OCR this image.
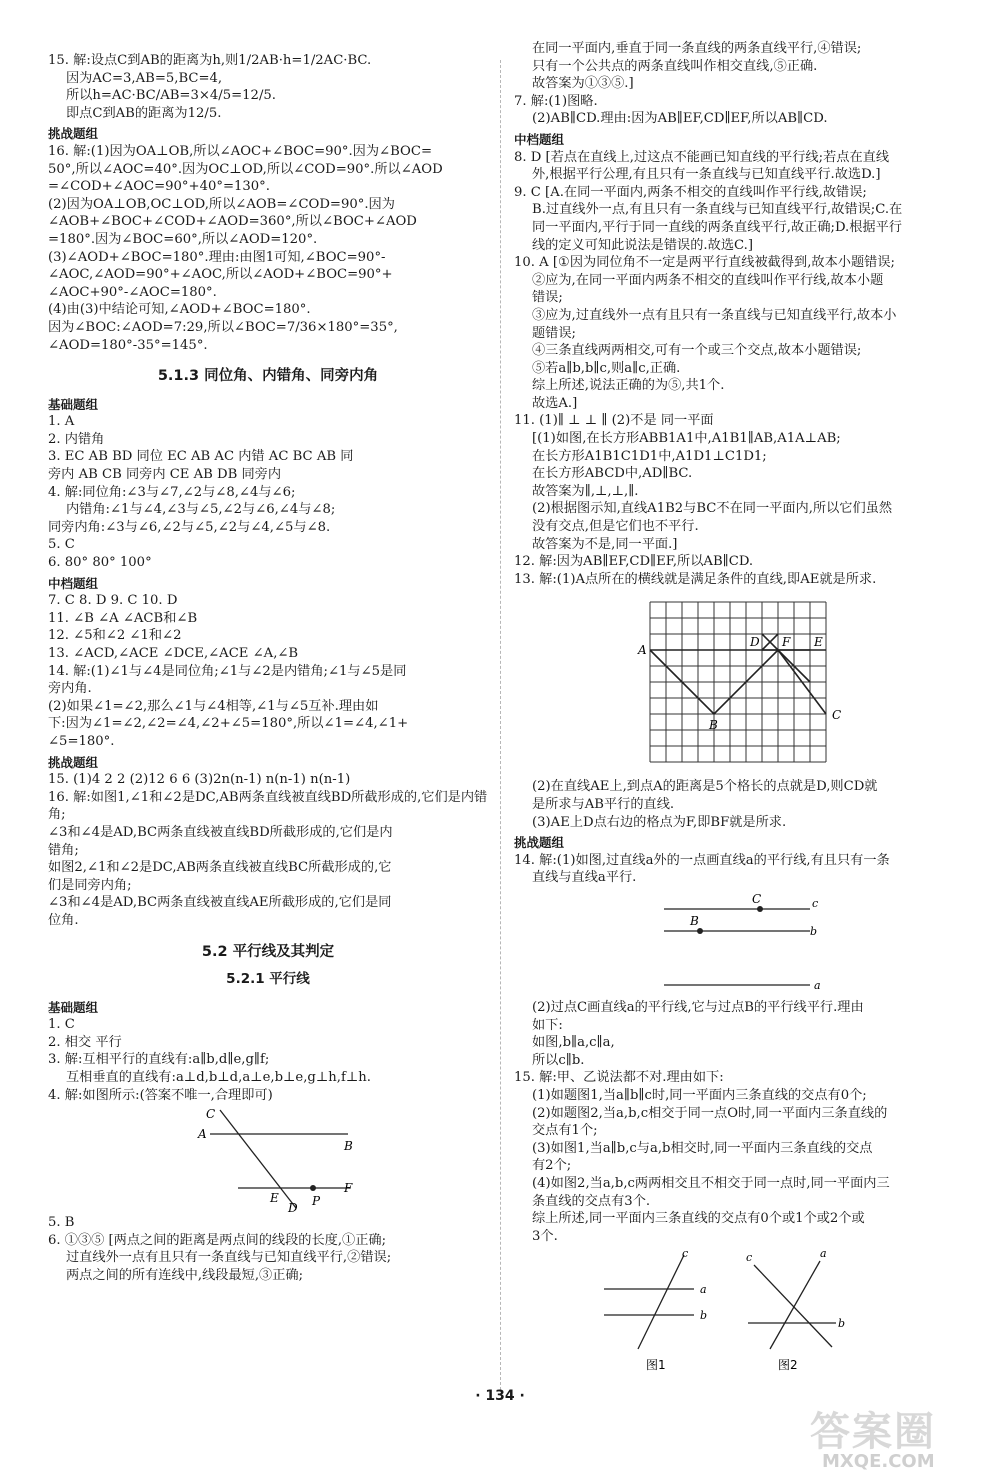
15. 解:设点C到AB的距离为h,则1/2AB·h=1/2AC·BC.
因为AC=3,AB=5,BC=4,
所以h=AC·BC/AB=3×4/5=12/5.
即点C到AB的距离为12/5.
挑战题组
16. 解:(1)因为OA⊥OB,所以∠AOC+∠BOC=90°.因为∠BOC=
50°,所以∠AOC=40°.因为OC⊥OD,所以∠COD=90°.所以∠AOD
=∠COD+∠AOC=90°+40°=130°.
(2)因为OA⊥OB,OC⊥OD,所以∠AOB=∠COD=90°.因为
∠AOB+∠BOC+∠COD+∠AOD=360°,所以∠BOC+∠AOD
=180°.因为∠BOC=60°,所以∠AOD=120°.
(3)∠AOD+∠BOC=180°.理由:由图1可知,∠BOC=90°-
∠AOC,∠AOD=90°+∠AOC,所以∠AOD+∠BOC=90°+
∠AOC+90°-∠AOC=180°.
(4)由(3)中结论可知,∠AOD+∠BOC=180°.
因为∠BOC:∠AOD=7:29,所以∠BOC=7/36×180°=35°,
∠AOD=180°-35°=145°.
5.1.3 同位角、内错角、同旁内角
基础题组
1. A
2. 内错角
3. EC AB BD 同位 EC AB AC 内错 AC BC AB 同
旁内 AB CB 同旁内 CE AB DB 同旁内
4. 解:同位角:∠3与∠7,∠2与∠8,∠4与∠6;
内错角:∠1与∠4,∠3与∠5,∠2与∠6,∠4与∠8;
同旁内角:∠3与∠6,∠2与∠5,∠2与∠4,∠5与∠8.
5. C
6. 80° 80° 100°
中档题组
7. C 8. D 9. C 10. D
11. ∠B ∠A ∠ACB和∠B
12. ∠5和∠2 ∠1和∠2
13. ∠ACD,∠ACE ∠DCE,∠ACE ∠A,∠B
14. 解:(1)∠1与∠4是同位角;∠1与∠2是内错角;∠1与∠5是同
旁内角.
(2)如果∠1=∠2,那么∠1与∠4相等,∠1与∠5互补.理由如
下:因为∠1=∠2,∠2=∠4,∠2+∠5=180°,所以∠1=∠4,∠1+
∠5=180°.
挑战题组
15. (1)4 2 2 (2)12 6 6 (3)2n(n-1) n(n-1) n(n-1)
16. 解:如图1,∠1和∠2是DC,AB两条直线被直线BD所截形成的,它们是内错角;
∠3和∠4是AD,BC两条直线被直线BD所截形成的,它们是内
错角;
如图2,∠1和∠2是DC,AB两条直线被直线BC所截形成的,它
们是同旁内角;
∠3和∠4是AD,BC两条直线被直线AE所截形成的,它们是同
位角.
5.2 平行线及其判定
5.2.1 平行线
基础题组
1. C
2. 相交 平行
3. 解:互相平行的直线有:a∥b,d∥e,g∥f;
互相垂直的直线有:a⊥d,b⊥d,a⊥e,b⊥e,g⊥h,f⊥h.
4. 解:如图所示:(答案不唯一,合理即可)
C
A
B
E
D P
F
5. B
6. ①③⑤ [两点之间的距离是两点间的线段的长度,①正确;
过直线外一点有且只有一条直线与已知直线平行,②错误;
两点之间的所有连线中,线段最短,③正确;
在同一平面内,垂直于同一条直线的两条直线平行,④错误;
只有一个公共点的两条直线叫作相交直线,⑤正确.
故答案为①③⑤.]
7. 解:(1)图略.
(2)AB∥CD.理由:因为AB∥EF,CD∥EF,所以AB∥CD.
中档题组
8. D [若点在直线上,过这点不能画已知直线的平行线;若点在直线
外,根据平行公理,有且只有一条直线与已知直线平行.故选D.]
9. C [A.在同一平面内,两条不相交的直线叫作平行线,故错误;
B.过直线外一点,有且只有一条直线与已知直线平行,故错误;C.在
同一平面内,平行于同一直线的两条直线平行,故正确;D.根据平行
线的定义可知此说法是错误的.故选C.]
10. A [①因为同位角不一定是两平行直线被截得到,故本小题错误;
②应为,在同一平面内两条不相交的直线叫作平行线,故本小题
错误;
③应为,过直线外一点有且只有一条直线与已知直线平行,故本小
题错误;
④三条直线两两相交,可有一个或三个交点,故本小题错误;
⑤若a∥b,b∥c,则a∥c,正确.
综上所述,说法正确的为⑤,共1个.
故选A.]
11. (1)∥ ⊥ ⊥ ∥ (2)不是 同一平面
[(1)如图,在长方形ABB1A1中,A1B1∥AB,A1A⊥AB;
在长方形A1B1C1D1中,A1D1⊥C1D1;
在长方形ABCD中,AD∥BC.
故答案为∥,⊥,⊥,∥.
(2)根据图示知,直线A1B2与BC不在同一平面内,所以它们虽然
没有交点,但是它们也不平行.
故答案为不是,同一平面.]
12. 解:因为AB∥EF,CD∥EF,所以AB∥CD.
13. 解:(1)A点所在的横线就是满足条件的直线,即AE就是所求.
A
B
C
D F E
(2)在直线AE上,到点A的距离是5个格长的点就是D,则CD就
是所求与AB平行的直线.
(3)AE上D点右边的格点为F,即BF就是所求.
挑战题组
14. 解:(1)如图,过直线a外的一点画直线a的平行线,有且只有一条
直线与直线a平行.
C	c
B
b
a
(2)过点C画直线a的平行线,它与过点B的平行线平行.理由
如下:
如图,b∥a,c∥a,
所以c∥b.
15. 解:甲、乙说法都不对.理由如下:
(1)如题图1,当a∥b∥c时,同一平面内三条直线的交点有0个;
(2)如题图2,当a,b,c相交于同一点O时,同一平面内三条直线的
交点有1个;
(3)如图1,当a∥b,c与a,b相交时,同一平面内三条直线的交点
有2个;
(4)如图2,当a,b,c两两相交且不相交于同一点时,同一平面内三
条直线的交点有3个.
综上所述,同一平面内三条直线的交点有0个或1个或2个或
3个.
c
a
b
图1
c	a
b
图2
· 134 ·
答案圈
MXQE.COM
